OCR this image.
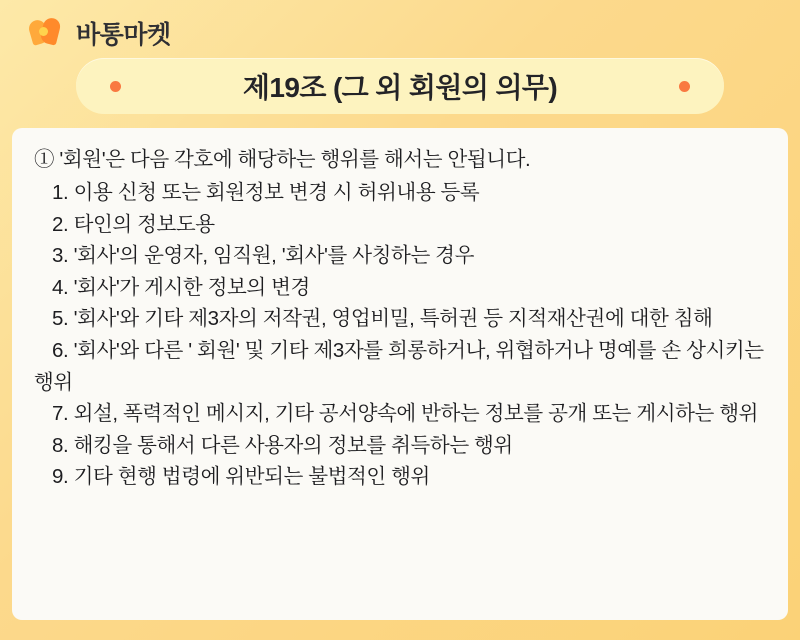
바통마켓
제19조 (그 외 회원의 의무)

① '회원'은 다음 각호에 해당하는 행위를 해서는 안됩니다.

1. 이용 신청 또는 회원정보 변경 시 허위내용 등록
2. 타인의 정보도용
3. '회사'의 운영자, 임직원, '회사'를 사칭하는 경우
4. '회사'가 게시한 정보의 변경
5. '회사'와 기타 제3자의 저작권, 영업비밀, 특허권 등 지적재산권에 대한 침해
6. '회사'와 다른 ' 회원' 및 기타 제3자를 희롱하거나, 위협하거나 명예를 손 상시키는 행위
7. 외설, 폭력적인 메시지, 기타 공서양속에 반하는 정보를 공개 또는 게시하는 행위
8. 해킹을 통해서 다른 사용자의 정보를 취득하는 행위
9. 기타 현행 법령에 위반되는 불법적인 행위
